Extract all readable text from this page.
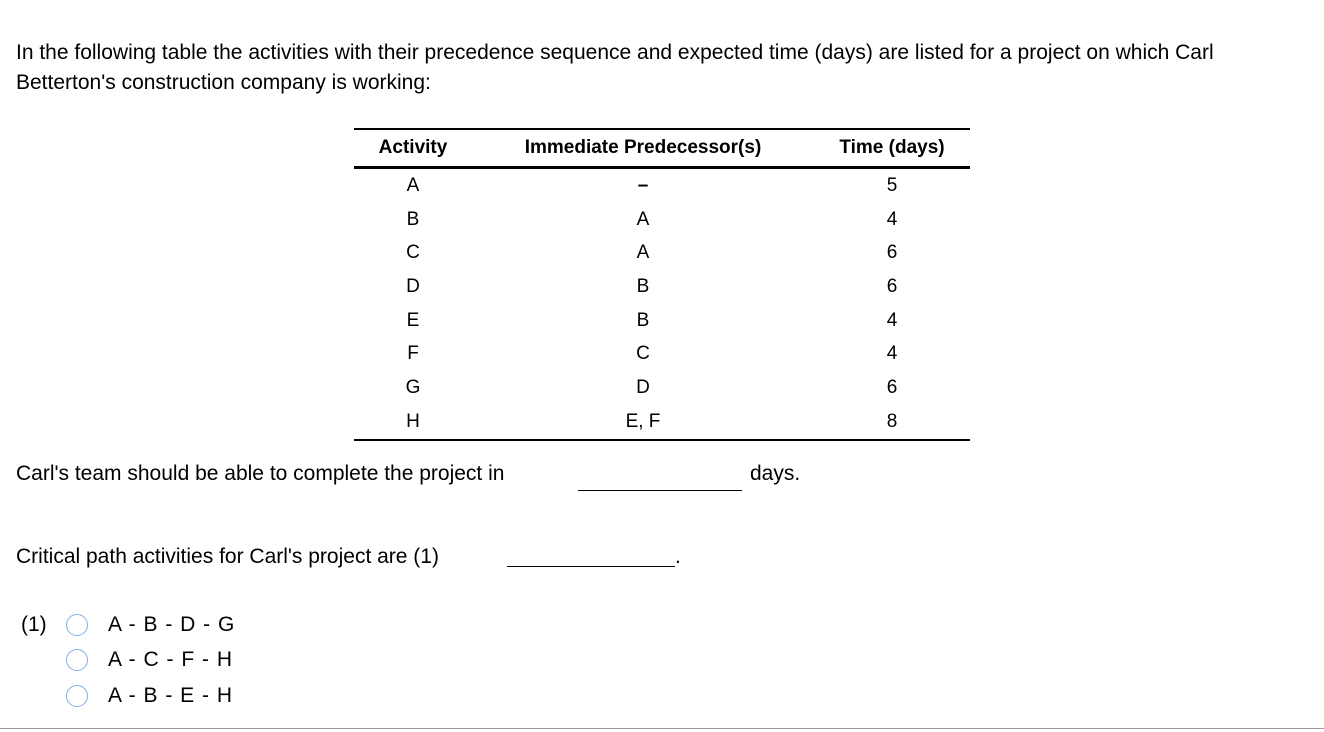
In the following table the activities with their precedence sequence and expected time (days) are listed for a project on which Carl Betterton's construction company is working:
Activity	Immediate Predecessor(s)	Time (days)
A	–	5
B	A	4
C	A	6
D	B	6
E	B	4
F	C	4
G	D	6
H	E, F	8
Carl's team should be able to complete the project in	days.
Critical path activities for Carl's project are (1)	.
(1)	A - B - D - G
A - C - F - H
A - B - E - H
